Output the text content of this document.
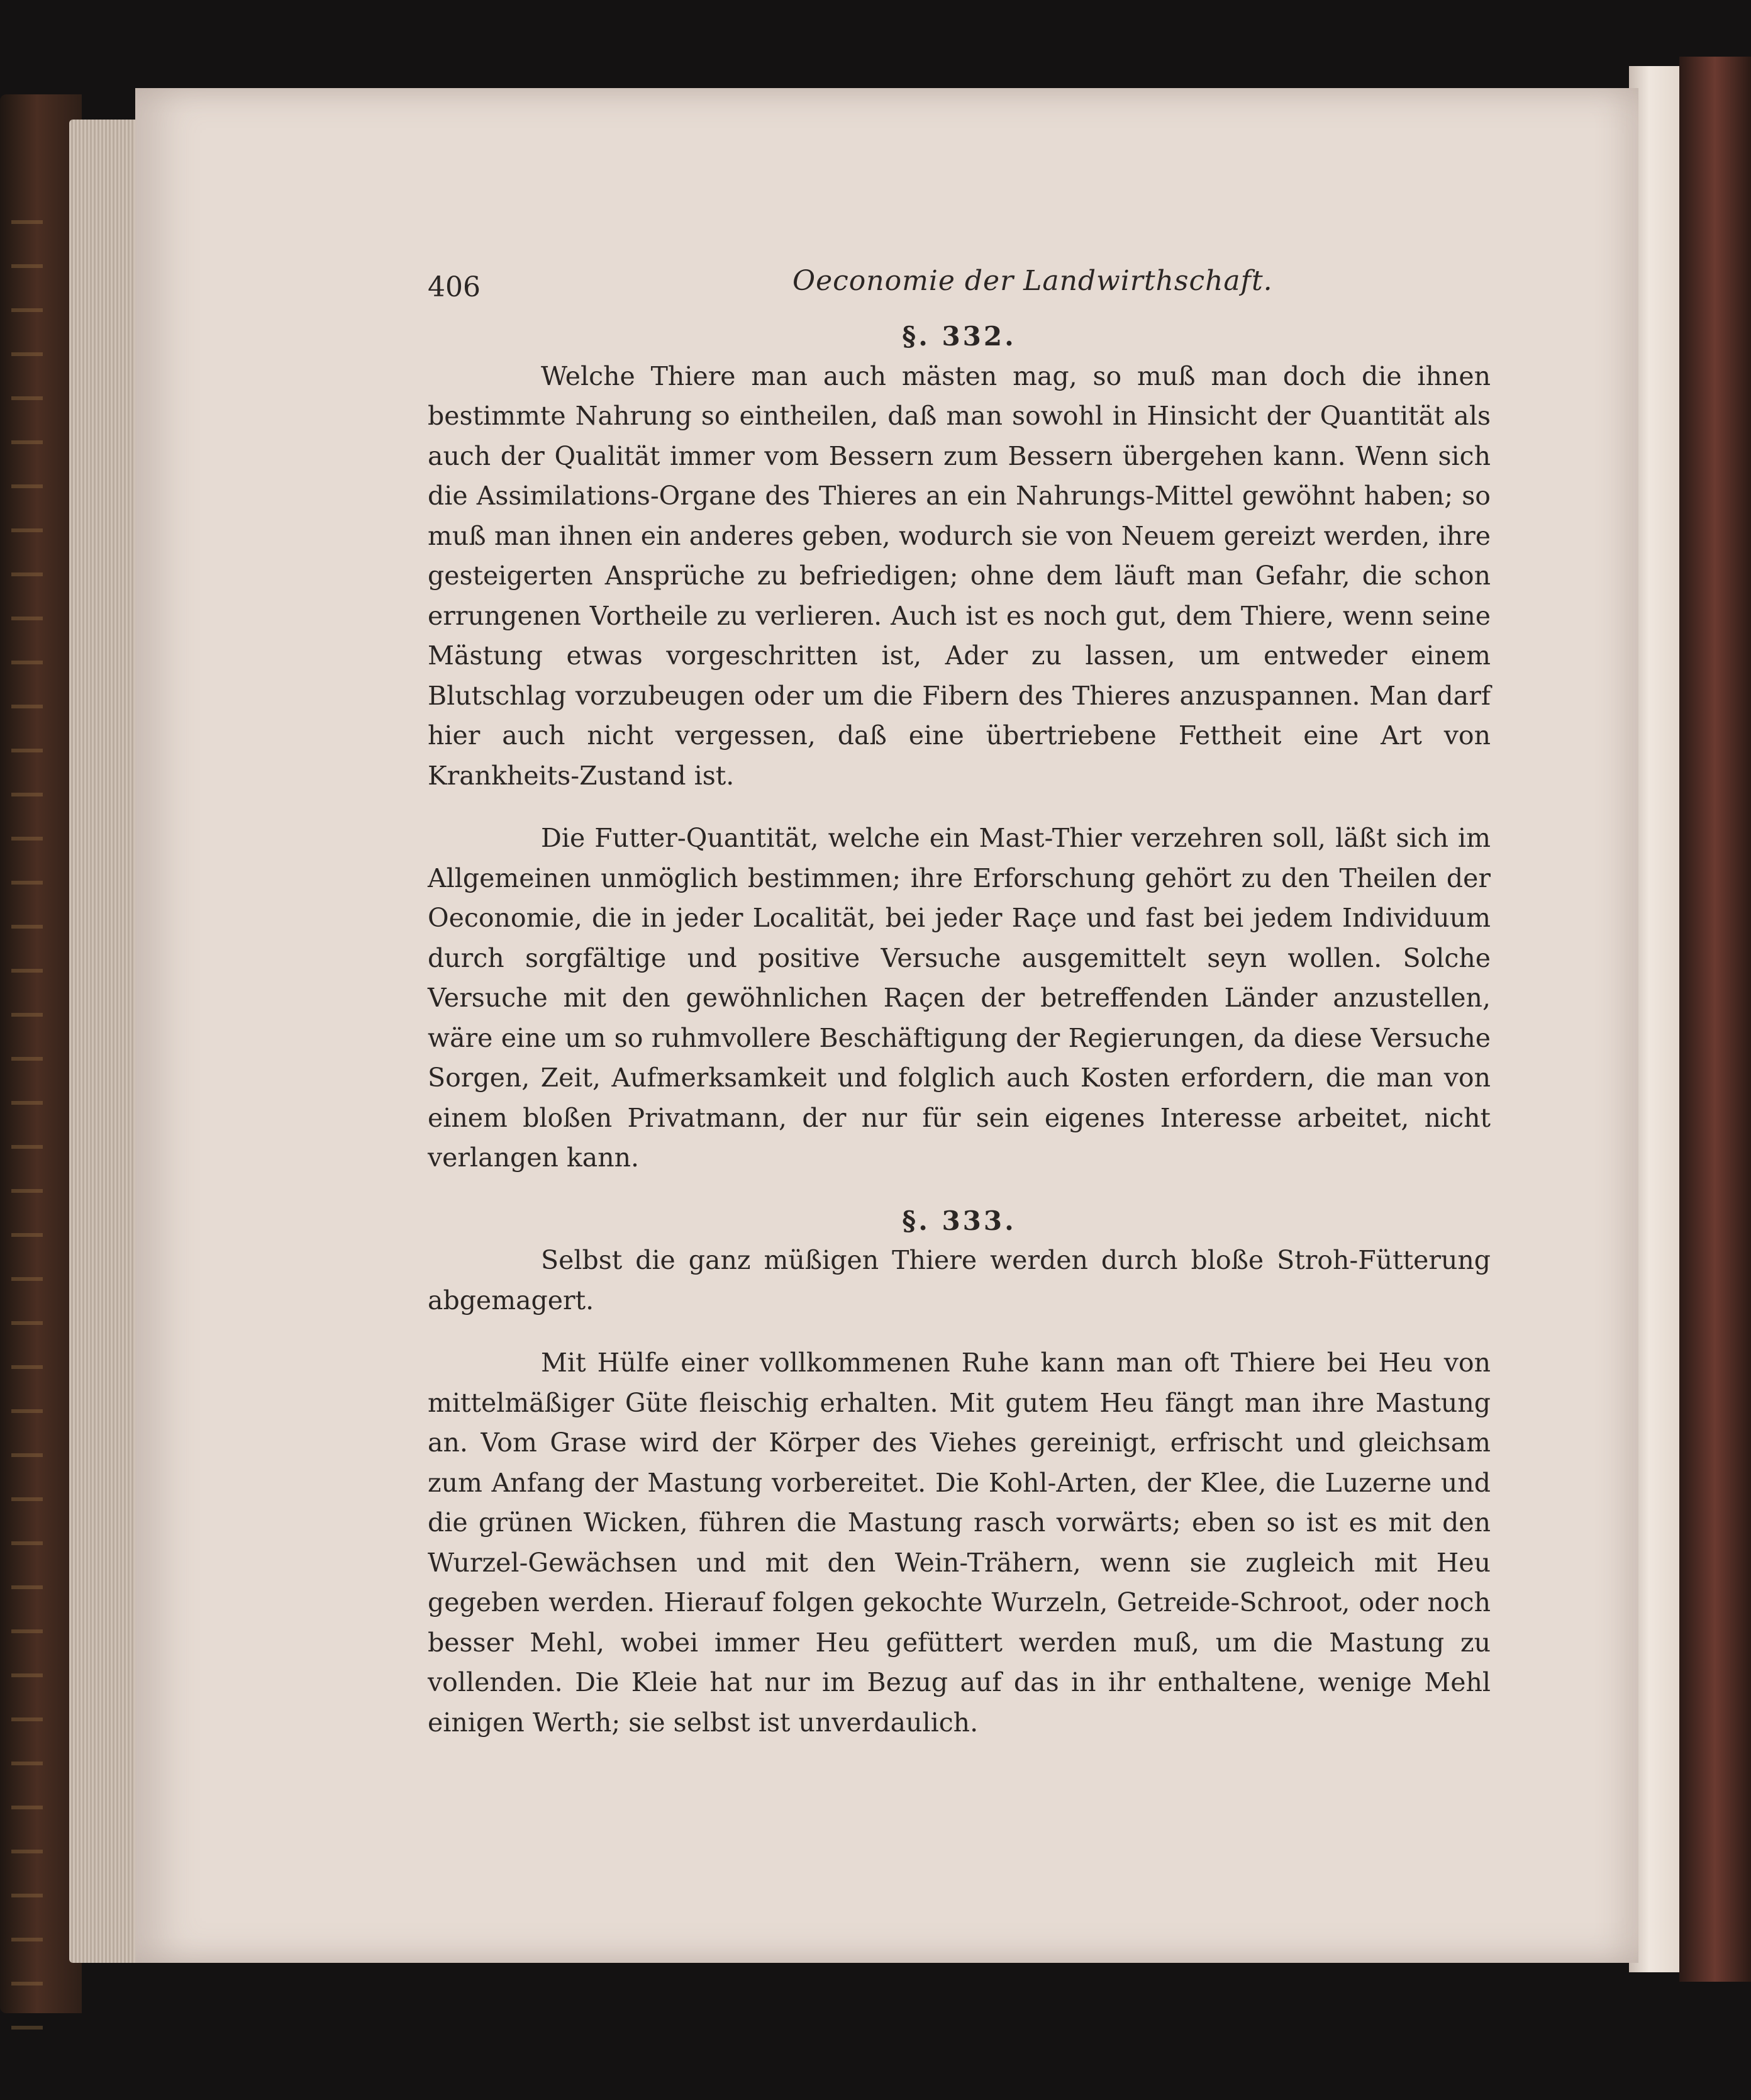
406	Oeconomie der Landwirthschaft.
§. 332.

Welche Thiere man auch mästen mag, so muß man doch die ihnen bestimmte Nahrung so eintheilen, daß man sowohl in Hinsicht der Quantität als auch der Qualität immer vom Bessern zum Bessern übergehen kann. Wenn sich die Assimilations-Organe des Thieres an ein Nahrungs-Mittel gewöhnt haben; so muß man ihnen ein anderes geben, wodurch sie von Neuem gereizt werden, ihre gesteigerten Ansprüche zu befriedigen; ohne dem läuft man Gefahr, die schon errungenen Vortheile zu verlieren. Auch ist es noch gut, dem Thiere, wenn seine Mästung etwas vorgeschritten ist, Ader zu lassen, um entweder einem Blutschlag vorzubeugen oder um die Fibern des Thieres anzuspannen. Man darf hier auch nicht vergessen, daß eine übertriebene Fettheit eine Art von Krankheits-Zustand ist.

Die Futter-Quantität, welche ein Mast-Thier verzehren soll, läßt sich im Allgemeinen unmöglich bestimmen; ihre Erforschung gehört zu den Theilen der Oeconomie, die in jeder Localität, bei jeder Raçe und fast bei jedem Individuum durch sorgfältige und positive Versuche ausgemittelt seyn wollen. Solche Versuche mit den gewöhnlichen Raçen der betreffenden Länder anzustellen, wäre eine um so ruhmvollere Beschäftigung der Regierungen, da diese Versuche Sorgen, Zeit, Aufmerksamkeit und folglich auch Kosten erfordern, die man von einem bloßen Privatmann, der nur für sein eigenes Interesse arbeitet, nicht verlangen kann.

§. 333.

Selbst die ganz müßigen Thiere werden durch bloße Stroh-Fütterung abgemagert.

Mit Hülfe einer vollkommenen Ruhe kann man oft Thiere bei Heu von mittelmäßiger Güte fleischig erhalten. Mit gutem Heu fängt man ihre Mastung an. Vom Grase wird der Körper des Viehes gereinigt, erfrischt und gleichsam zum Anfang der Mastung vorbereitet. Die Kohl-Arten, der Klee, die Luzerne und die grünen Wicken, führen die Mastung rasch vorwärts; eben so ist es mit den Wurzel-Gewächsen und mit den Wein-Trähern, wenn sie zugleich mit Heu gegeben werden. Hierauf folgen gekochte Wurzeln, Getreide-Schroot, oder noch besser Mehl, wobei immer Heu gefüttert werden muß, um die Mastung zu vollenden. Die Kleie hat nur im Bezug auf das in ihr enthaltene, wenige Mehl einigen Werth; sie selbst ist unverdaulich.
